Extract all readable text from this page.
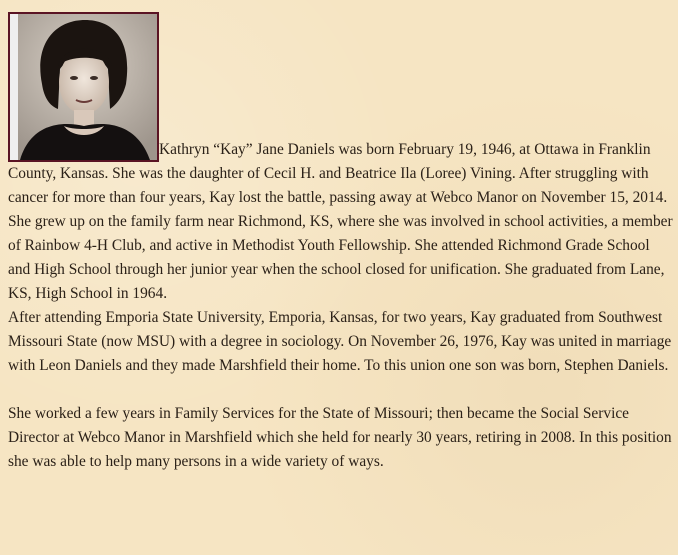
Kathryn “Kay” Jane Daniels was born February 19, 1946, at Ottawa in Franklin County, Kansas. She was the daughter of Cecil H. and Beatrice Ila (Loree) Vining. After struggling with cancer for more than four years, Kay lost the battle, passing away at Webco Manor on November 15, 2014.

She grew up on the family farm near Richmond, KS, where she was involved in school activities, a member of Rainbow 4-H Club, and active in Methodist Youth Fellowship. She attended Richmond Grade School and High School through her junior year when the school closed for unification. She graduated from Lane, KS, High School in 1964.

After attending Emporia State University, Emporia, Kansas, for two years, Kay graduated from Southwest Missouri State (now MSU) with a degree in sociology. On November 26, 1976, Kay was united in marriage with Leon Daniels and they made Marshfield their home. To this union one son was born, Stephen Daniels.

She worked a few years in Family Services for the State of Missouri; then became the Social Service Director at Webco Manor in Marshfield which she held for nearly 30 years, retiring in 2008. In this position she was able to help many persons in a wide variety of ways.
